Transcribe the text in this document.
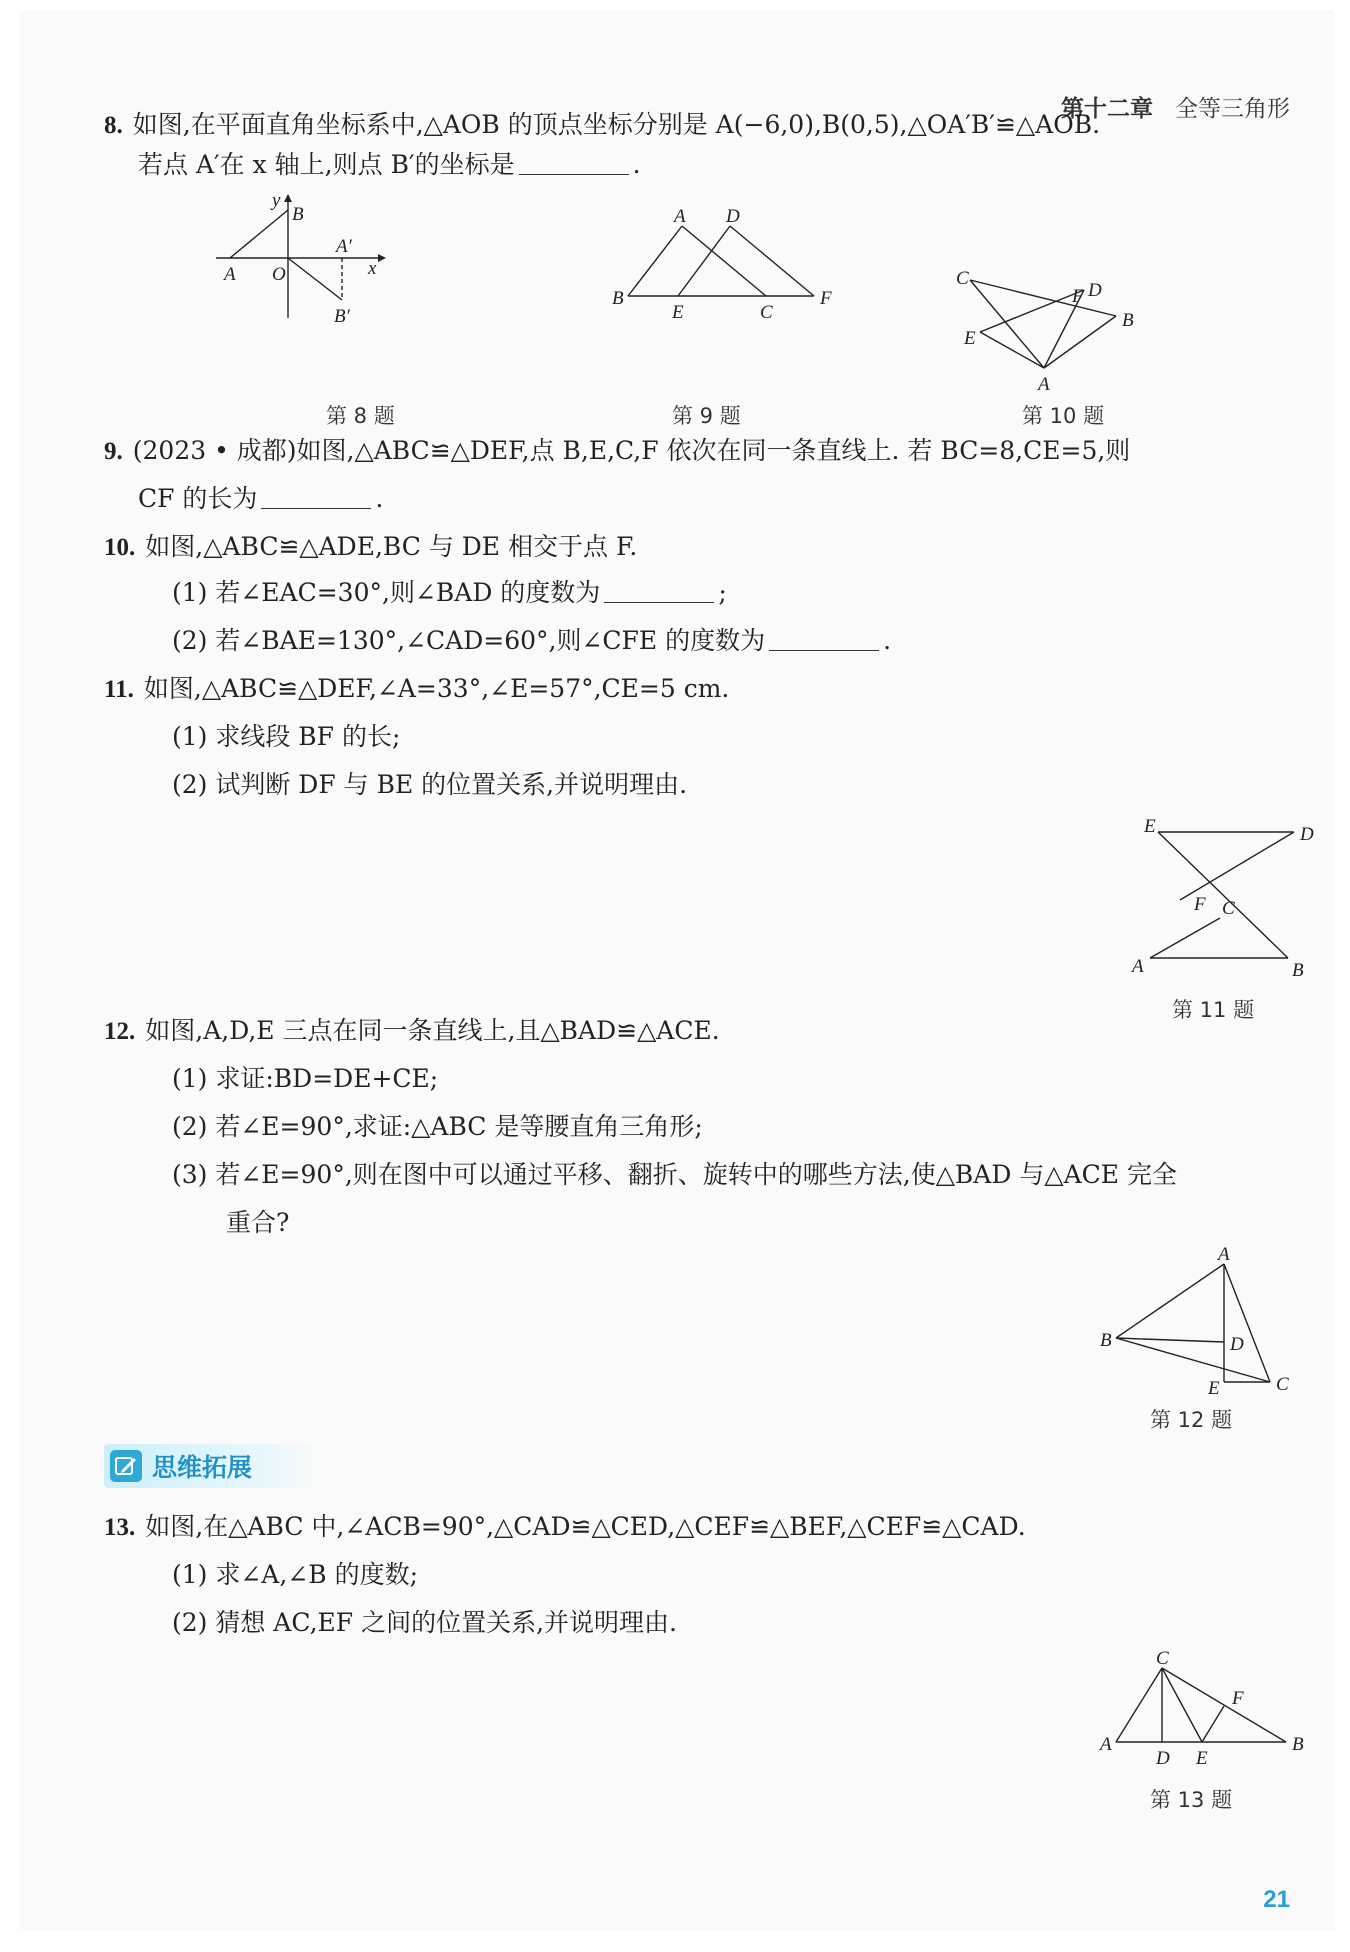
第十二章 全等三角形
8. 如图,在平面直角坐标系中,△AOB 的顶点坐标分别是 A(−6,0),B(0,5),△OA′B′≌△AOB.
若点 A′在 x 轴上,则点 B′的坐标是	.
y
B
A′
x
A O
B′
第 8 题
A D
B
E	C
F
第 9 题
C
F D
E
B
A
第 10 题
9. (2023 • 成都)如图,△ABC≌△DEF,点 B,E,C,F 依次在同一条直线上. 若 BC=8,CE=5,则
CF 的长为	.
10. 如图,△ABC≌△ADE,BC 与 DE 相交于点 F.
(1) 若∠EAC=30°,则∠BAD 的度数为	;
(2) 若∠BAE=130°,∠CAD=60°,则∠CFE 的度数为	.
11. 如图,△ABC≌△DEF,∠A=33°,∠E=57°,CE=5 cm.
(1) 求线段 BF 的长;
(2) 试判断 DF 与 BE 的位置关系,并说明理由.
E	D
F C
A	B
第 11 题
12. 如图,A,D,E 三点在同一条直线上,且△BAD≌△ACE.
(1) 求证:BD=DE+CE;
(2) 若∠E=90°,求证:△ABC 是等腰直角三角形;
(3) 若∠E=90°,则在图中可以通过平移、翻折、旋转中的哪些方法,使△BAD 与△ACE 完全
重合?
A
B	D
E	C
第 12 题
思维拓展
13. 如图,在△ABC 中,∠ACB=90°,△CAD≌△CED,△CEF≌△BEF,△CEF≌△CAD.
(1) 求∠A,∠B 的度数;
(2) 猜想 AC,EF 之间的位置关系,并说明理由.
C
F
A
D E
B
第 13 题
21
